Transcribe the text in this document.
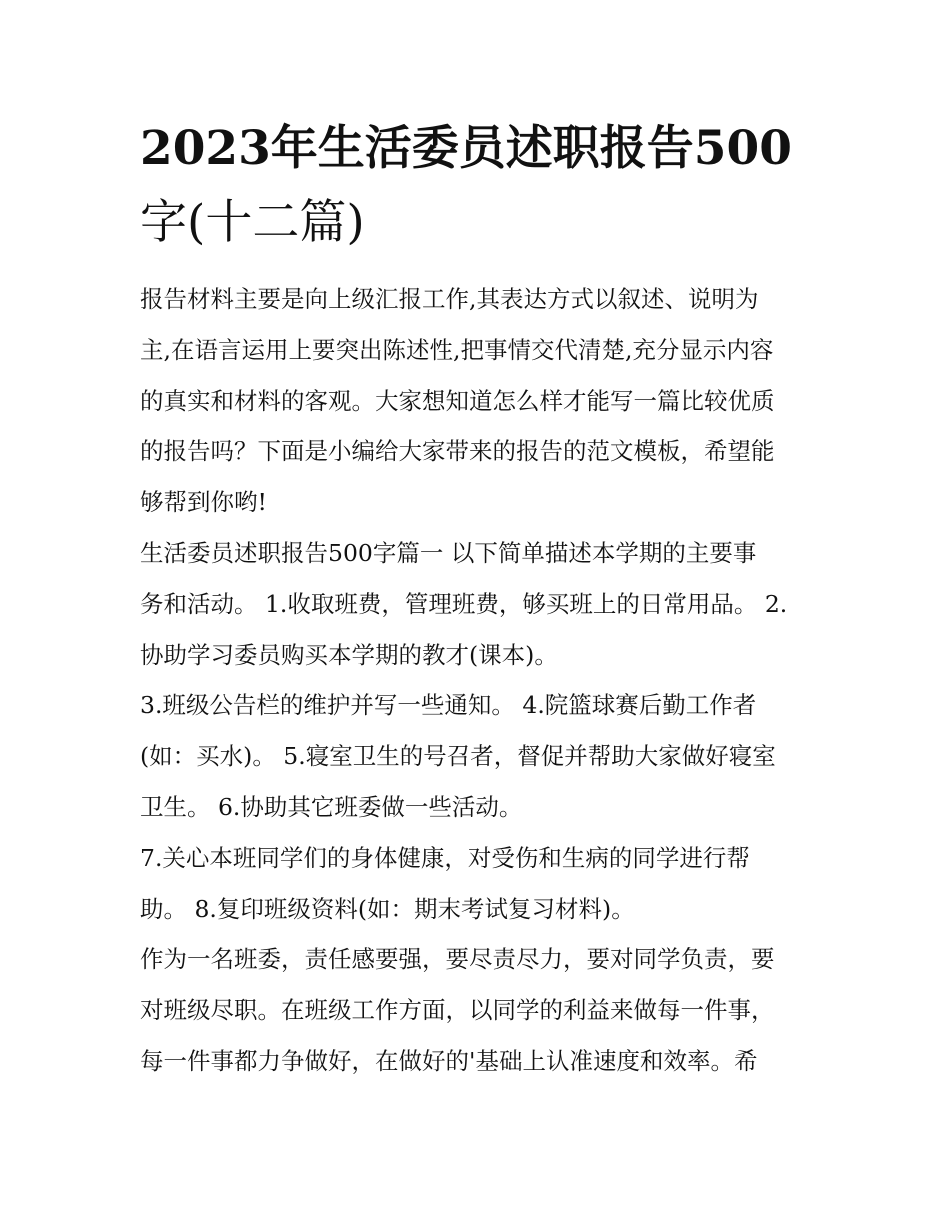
2023年生活委员述职报告500
字(十二篇)

报告材料主要是向上级汇报工作,其表达方式以叙述、说明为
主,在语言运用上要突出陈述性,把事情交代清楚,充分显示内容
的真实和材料的客观。大家想知道怎么样才能写一篇比较优质
的报告吗？下面是小编给大家带来的报告的范文模板，希望能
够帮到你哟!

生活委员述职报告500字篇一 以下简单描述本学期的主要事
务和活动。 1.收取班费，管理班费，够买班上的日常用品。 2.
协助学习委员购买本学期的教才(课本)。

3.班级公告栏的维护并写一些通知。 4.院篮球赛后勤工作者
(如：买水)。 5.寝室卫生的号召者，督促并帮助大家做好寝室
卫生。 6.协助其它班委做一些活动。

7.关心本班同学们的身体健康，对受伤和生病的同学进行帮
助。 8.复印班级资料(如：期末考试复习材料)。

作为一名班委，责任感要强，要尽责尽力，要对同学负责，要
对班级尽职。在班级工作方面，以同学的利益来做每一件事，
每一件事都力争做好，在做好的'基础上认准速度和效率。希
